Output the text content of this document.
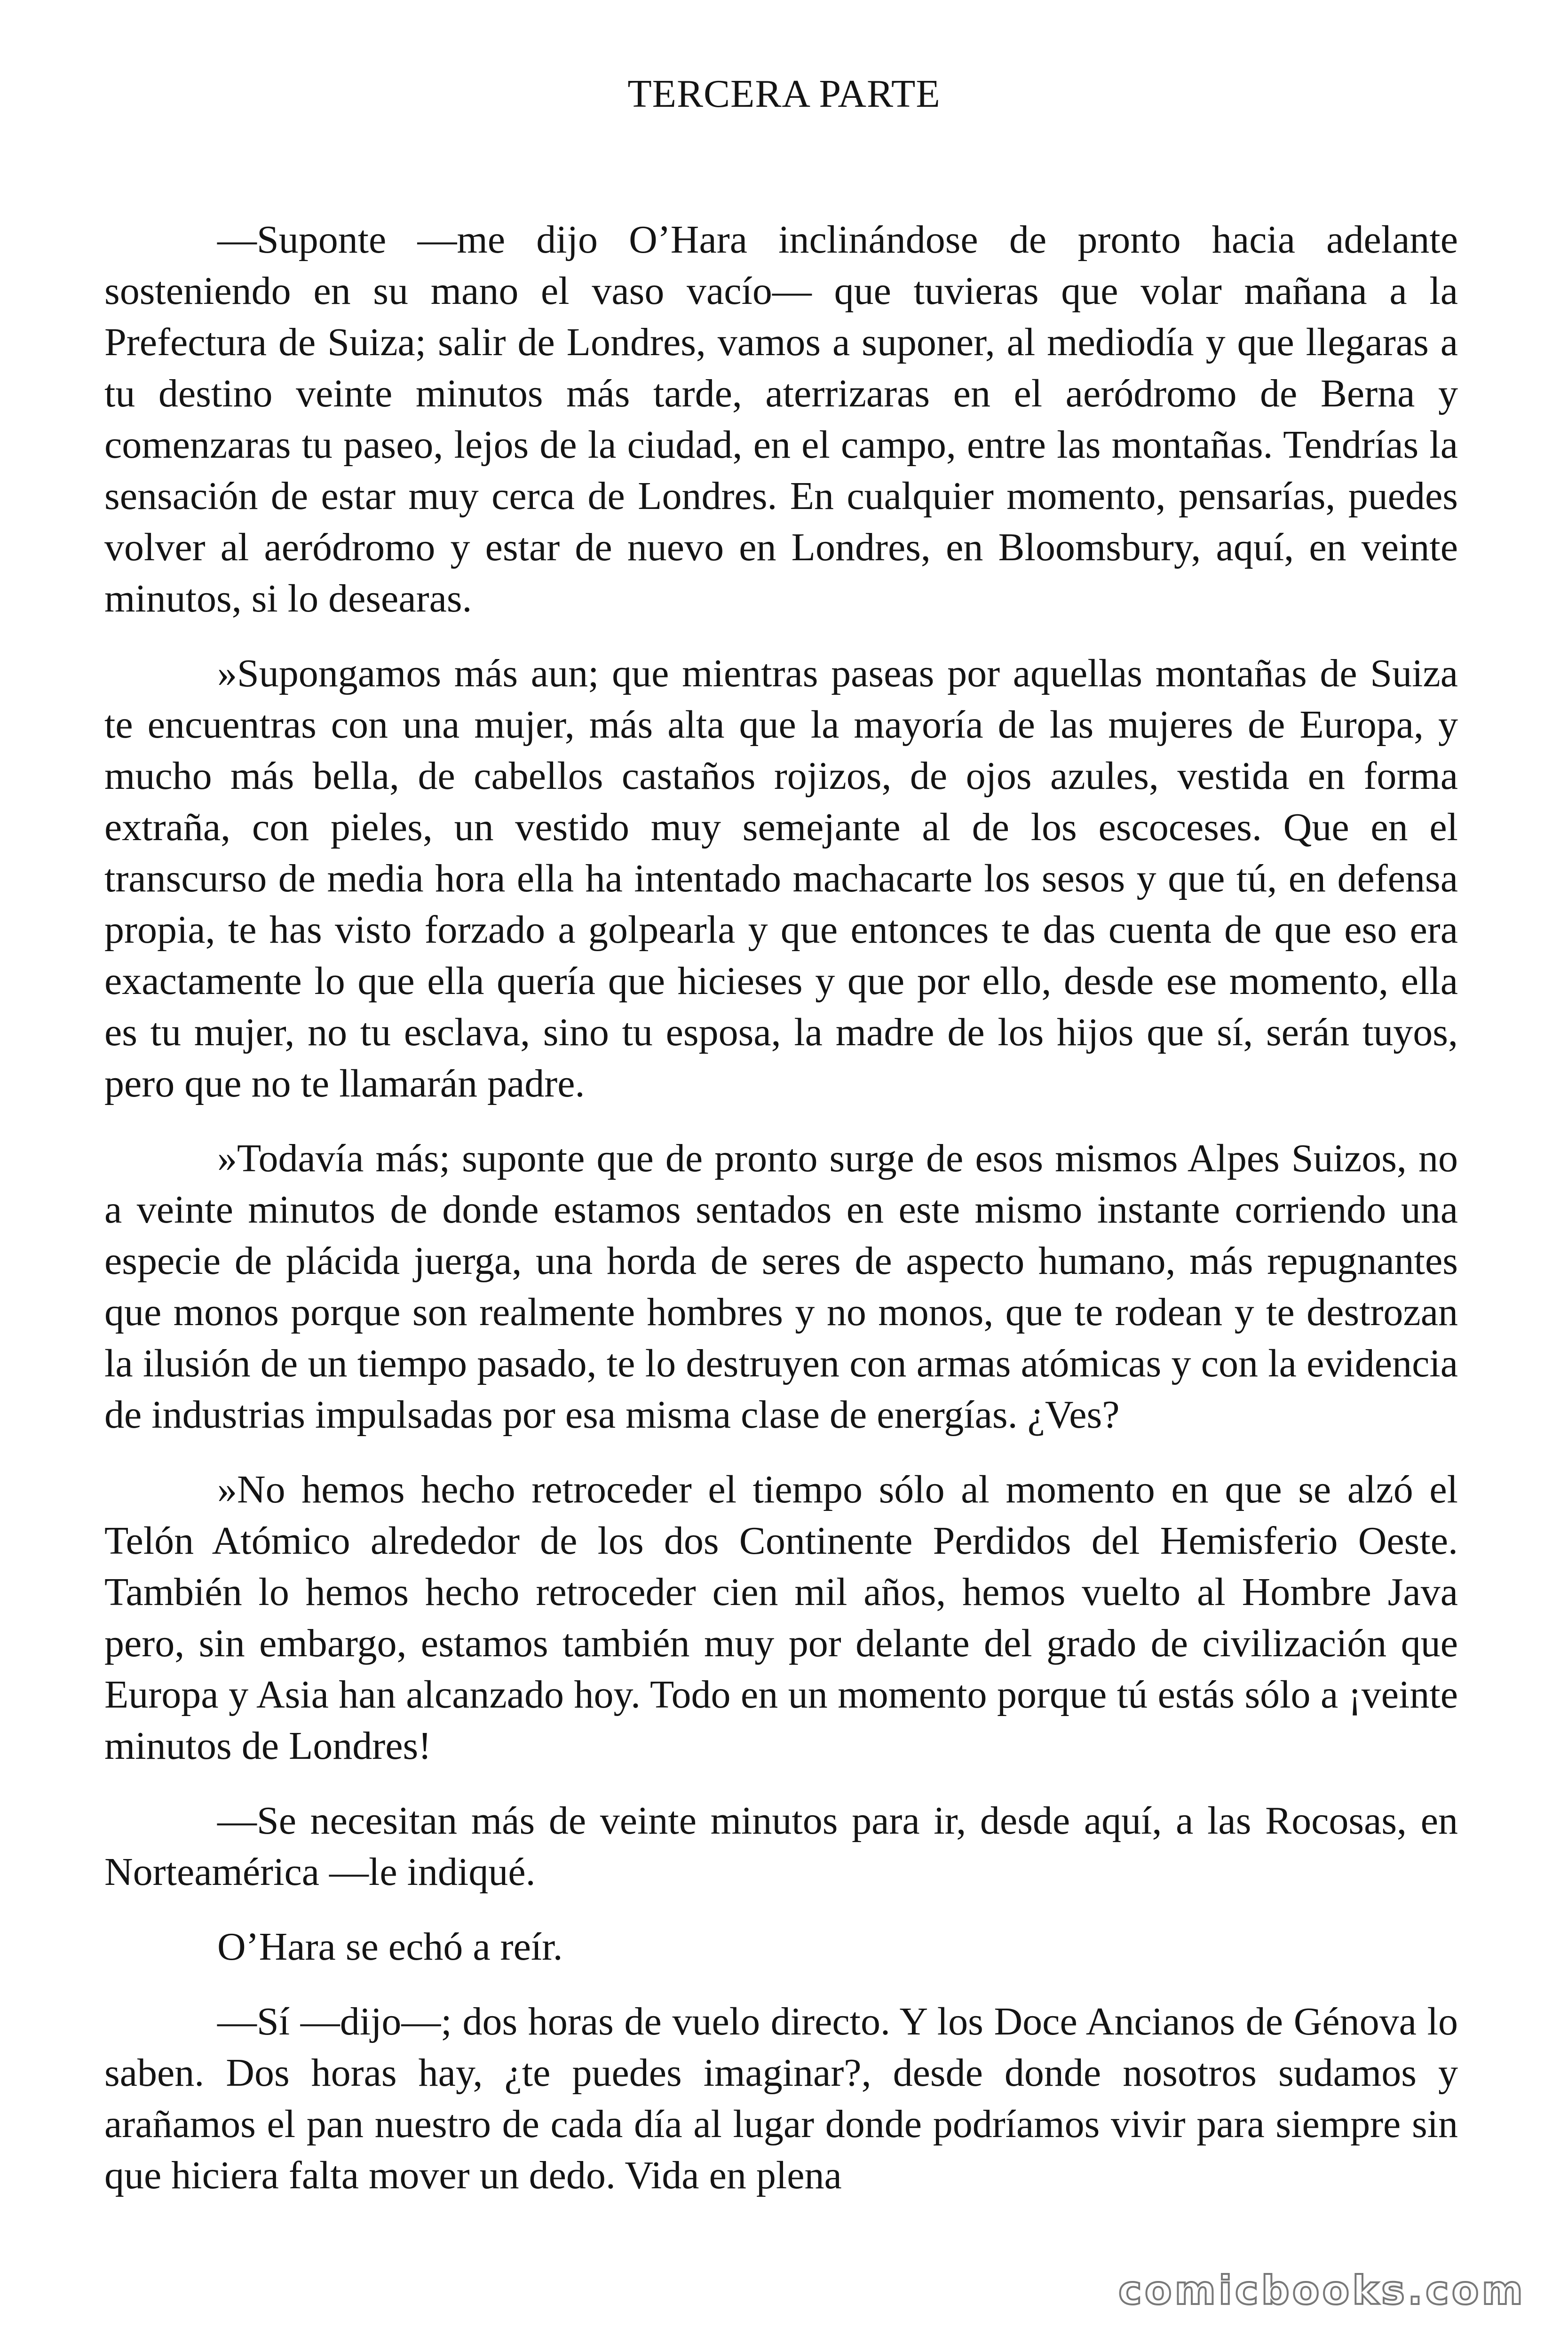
TERCERA PARTE

—Suponte —me dijo O’Hara inclinándose de pronto hacia adelante sosteniendo en su mano el vaso vacío— que tuvieras que volar mañana a la Prefectura de Suiza; salir de Londres, vamos a suponer, al mediodía y que llegaras a tu destino veinte minutos más tarde, aterrizaras en el aeródromo de Berna y comenzaras tu paseo, lejos de la ciudad, en el campo, entre las montañas. Tendrías la sensación de estar muy cerca de Londres. En cualquier momento, pensarías, puedes volver al aeródromo y estar de nuevo en Londres, en Bloomsbury, aquí, en veinte minutos, si lo desearas.

»Supongamos más aun; que mientras paseas por aquellas montañas de Suiza te encuentras con una mujer, más alta que la mayoría de las mujeres de Europa, y mucho más bella, de cabellos castaños rojizos, de ojos azules, vestida en forma extraña, con pieles, un vestido muy semejante al de los escoceses. Que en el transcurso de media hora ella ha intentado machacarte los sesos y que tú, en defensa propia, te has visto forzado a golpearla y que entonces te das cuenta de que eso era exactamente lo que ella quería que hicieses y que por ello, desde ese momento, ella es tu mujer, no tu esclava, sino tu esposa, la madre de los hijos que sí, serán tuyos, pero que no te llamarán padre.

»Todavía más; suponte que de pronto surge de esos mismos Alpes Suizos, no a veinte minutos de donde estamos sentados en este mismo instante corriendo una especie de plácida juerga, una horda de seres de aspecto humano, más repugnantes que monos porque son realmente hombres y no monos, que te rodean y te destrozan la ilusión de un tiempo pasado, te lo destruyen con armas atómicas y con la evidencia de industrias impulsadas por esa misma clase de energías. ¿Ves?

»No hemos hecho retroceder el tiempo sólo al momento en que se alzó el Telón Atómico alrededor de los dos Continente Perdidos del Hemisferio Oeste. También lo hemos hecho retroceder cien mil años, hemos vuelto al Hombre Java pero, sin embargo, estamos también muy por delante del grado de civilización que Europa y Asia han alcanzado hoy. Todo en un momento porque tú estás sólo a ¡veinte minutos de Londres!

—Se necesitan más de veinte minutos para ir, desde aquí, a las Rocosas, en Norteamérica —le indiqué.

O’Hara se echó a reír.

—Sí —dijo—; dos horas de vuelo directo. Y los Doce Ancianos de Génova lo saben. Dos horas hay, ¿te puedes imaginar?, desde donde nosotros sudamos y arañamos el pan nuestro de cada día al lugar donde podríamos vivir para siempre sin que hiciera falta mover un dedo. Vida en plena

comicbooks.com
